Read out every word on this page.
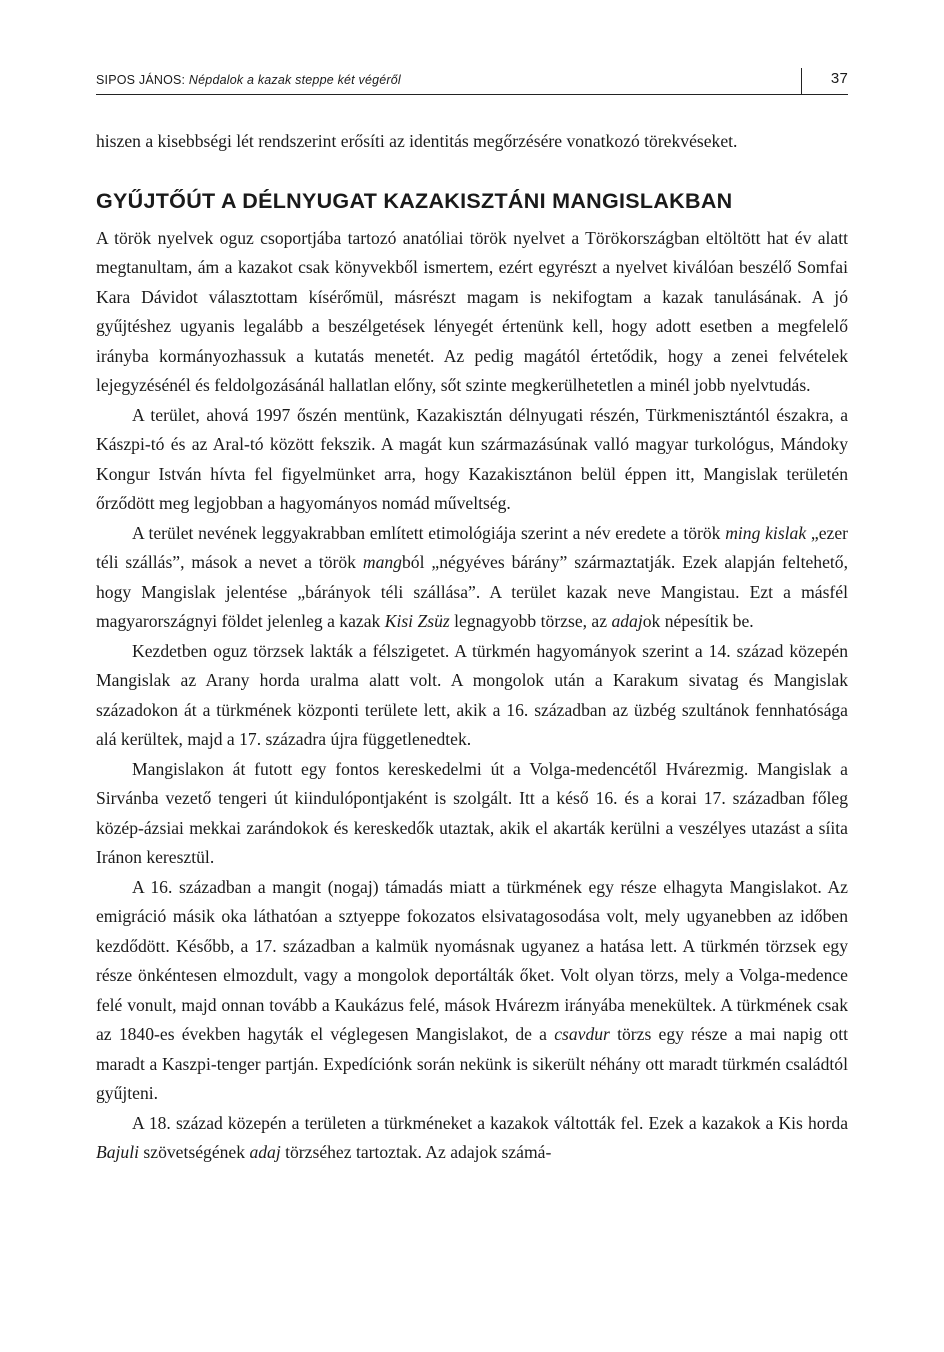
SIPOS JÁNOS: Népdalok a kazak steppe két végéről	37

hiszen a kisebbségi lét rendszerint erősíti az identitás megőrzésére vonatkozó törekvéseket.

GYŰJTŐÚT A DÉLNYUGAT KAZAKISZTÁNI MANGISLAKBAN

A török nyelvek oguz csoportjába tartozó anatóliai török nyelvet a Törökországban eltöltött hat év alatt megtanultam, ám a kazakot csak könyvekből ismertem, ezért egyrészt a nyelvet kiválóan beszélő Somfai Kara Dávidot választottam kísérőmül, másrészt magam is nekifogtam a kazak tanulásának. A jó gyűjtéshez ugyanis legalább a beszélgetések lényegét értenünk kell, hogy adott esetben a megfelelő irányba kormányozhassuk a kutatás menetét. Az pedig magától értetődik, hogy a zenei felvételek lejegyzésénél és feldolgozásánál hallatlan előny, sőt szinte megkerülhetetlen a minél jobb nyelvtudás.

A terület, ahová 1997 őszén mentünk, Kazakisztán délnyugati részén, Türkmenisztántól északra, a Kászpi-tó és az Aral-tó között fekszik. A magát kun származásúnak valló magyar turkológus, Mándoky Kongur István hívta fel figyelmünket arra, hogy Kazakisztánon belül éppen itt, Mangislak területén őrződött meg legjobban a hagyományos nomád műveltség.

A terület nevének leggyakrabban említett etimológiája szerint a név eredete a török ming kislak „ezer téli szállás”, mások a nevet a török mangból „négyéves bárány” származtatják. Ezek alapján feltehető, hogy Mangislak jelentése „bárányok téli szállása”. A terület kazak neve Mangistau. Ezt a másfél magyarországnyi földet jelenleg a kazak Kisi Zsüz legnagyobb törzse, az adajok népesítik be.

Kezdetben oguz törzsek lakták a félszigetet. A türkmén hagyományok szerint a 14. század közepén Mangislak az Arany horda uralma alatt volt. A mongolok után a Karakum sivatag és Mangislak századokon át a türkmének központi területe lett, akik a 16. században az üzbég szultánok fennhatósága alá kerültek, majd a 17. századra újra függetlenedtek.

Mangislakon át futott egy fontos kereskedelmi út a Volga-medencétől Hvárezmig. Mangislak a Sirvánba vezető tengeri út kiindulópontjaként is szolgált. Itt a késő 16. és a korai 17. században főleg közép-ázsiai mekkai zarándokok és kereskedők utaztak, akik el akarták kerülni a veszélyes utazást a síita Iránon keresztül.

A 16. században a mangit (nogaj) támadás miatt a türkmének egy része elhagyta Mangislakot. Az emigráció másik oka láthatóan a sztyeppe fokozatos elsivatagosodása volt, mely ugyanebben az időben kezdődött. Később, a 17. században a kalmük nyomásnak ugyanez a hatása lett. A türkmén törzsek egy része önkéntesen elmozdult, vagy a mongolok deportálták őket. Volt olyan törzs, mely a Volga-medence felé vonult, majd onnan tovább a Kaukázus felé, mások Hvárezm irányába menekültek. A türkmének csak az 1840-es években hagyták el véglegesen Mangislakot, de a csavdur törzs egy része a mai napig ott maradt a Kaszpi-tenger partján. Expedíciónk során nekünk is sikerült néhány ott maradt türkmén családtól gyűjteni.

A 18. század közepén a területen a türkméneket a kazakok váltották fel. Ezek a kazakok a Kis horda Bajuli szövetségének adaj törzséhez tartoztak. Az adajok számá-
